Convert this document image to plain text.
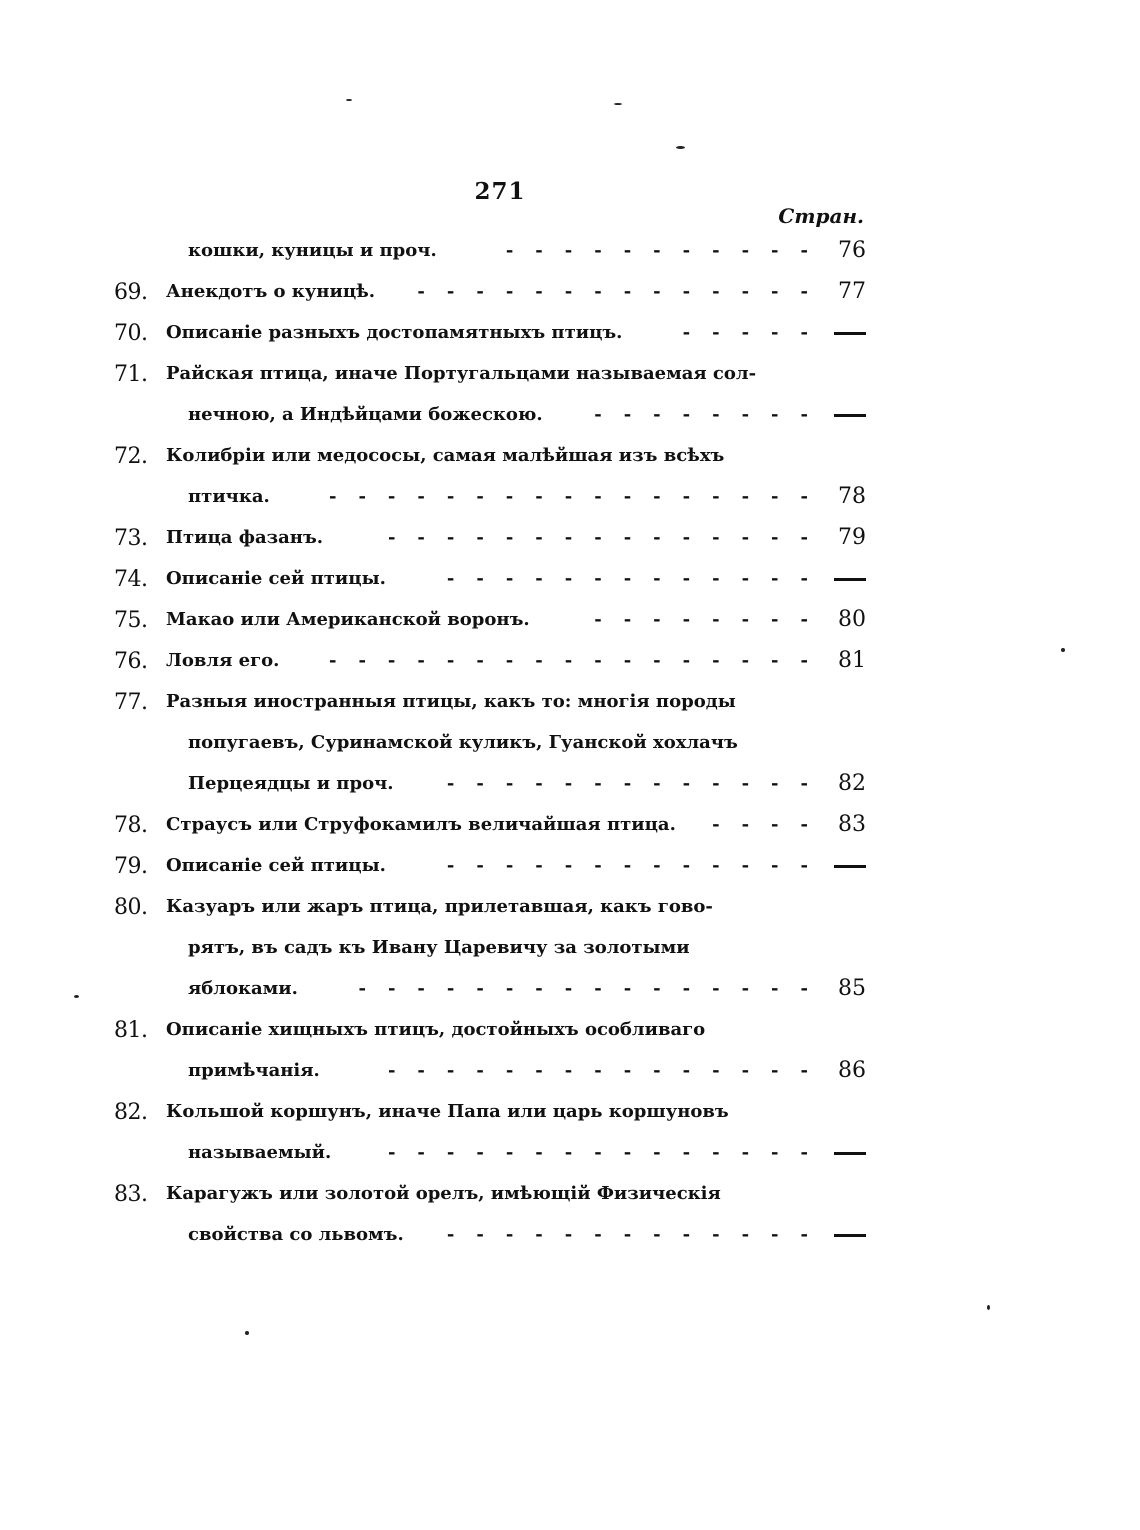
271
Стран.
кошки, куницы и проч.	76
-----------
69.	Анекдотъ о куницѣ.	77
--------------
70.	Описанiе разныхъ достопамятныхъ птицъ.	-----
71.	Райская птица, иначе Португальцами называемая сол-
нечною, а Индѣйцами божескою.	--------
72.	Колибрiи или медососы, самая малѣйшая изъ всѣхъ
птичка.	78
-----------------
73.	Птица фазанъ.	79
---------------
74.	Описанiе сей птицы.	-------------
75.	Макао или Американской воронъ.	80
--------
76.	Ловля его.	81
-----------------
77.	Разныя иностранныя птицы, какъ то: многiя породы
попугаевъ, Суринамской куликъ, Гуанской хохлачъ
Перцеядцы и проч.	82
-------------
78.	Страусъ или Струфокамилъ величайшая птица.	83
----
79.	Описанiе сей птицы.	-------------
80.	Казуаръ или жаръ птица, прилетавшая, какъ гово-
рятъ, въ садъ къ Ивану Царевичу за золотыми
яблоками.	85
----------------
81.	Описанiе хищныхъ птицъ, достойныхъ особливаго
примѣчанiя.	86
---------------
82.	Кольшой коршунъ, иначе Папа или царь коршуновъ
называемый.	---------------
83.	Карагужъ или золотой орелъ, имѣющiй Физическiя
свойства со львомъ. -------------
